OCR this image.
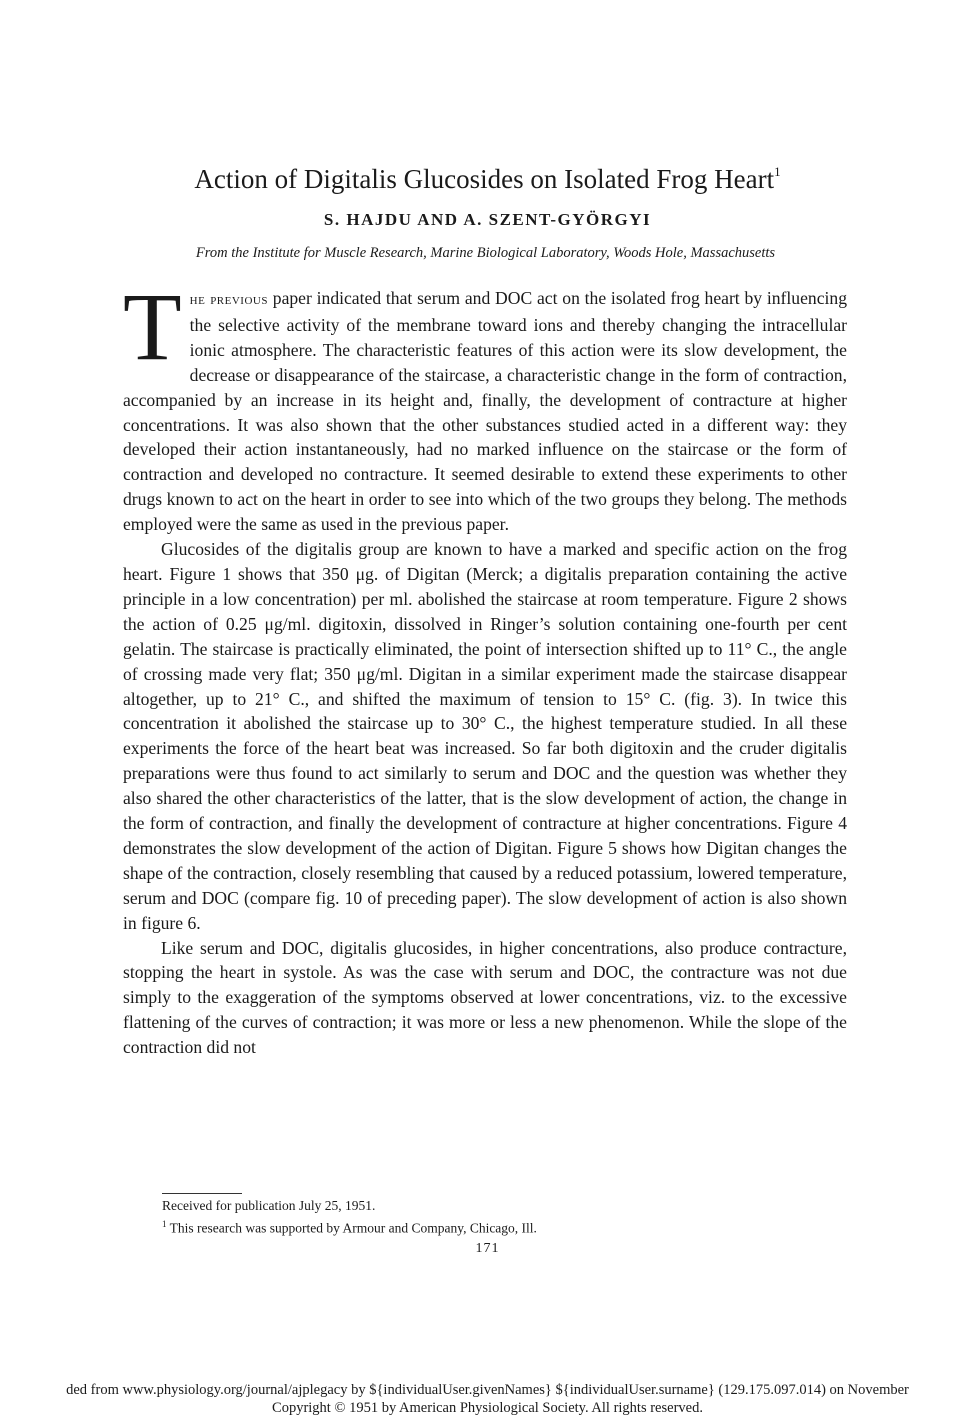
Action of Digitalis Glucosides on Isolated Frog Heart$^1$
S. HAJDU AND A. SZENT-GYÖRGYI
From the Institute for Muscle Research, Marine Biological Laboratory, Woods Hole, Massachusetts

The previous paper indicated that serum and DOC act on the isolated frog heart by influencing the selective activity of the membrane toward ions and thereby changing the intracellular ionic atmosphere. The characteristic features of this action were its slow development, the decrease or disappearance of the staircase, a characteristic change in the form of contraction, accompanied by an increase in its height and, finally, the development of contracture at higher concentrations. It was also shown that the other substances studied acted in a different way: they developed their action instantaneously, had no marked influence on the staircase or the form of contraction and developed no contracture. It seemed desirable to extend these experiments to other drugs known to act on the heart in order to see into which of the two groups they belong. The methods employed were the same as used in the previous paper.

Glucosides of the digitalis group are known to have a marked and specific action on the frog heart. Figure 1 shows that 350 μg. of Digitan (Merck; a digitalis preparation containing the active principle in a low concentration) per ml. abolished the staircase at room temperature. Figure 2 shows the action of 0.25 μg/ml. digitoxin, dissolved in Ringer’s solution containing one-fourth per cent gelatin. The staircase is practically eliminated, the point of intersection shifted up to 11° C., the angle of crossing made very flat; 350 μg/ml. Digitan in a similar experiment made the staircase disappear altogether, up to 21° C., and shifted the maximum of tension to 15° C. (fig. 3). In twice this concentration it abolished the staircase up to 30° C., the highest temperature studied. In all these experiments the force of the heart beat was increased. So far both digitoxin and the cruder digitalis preparations were thus found to act similarly to serum and DOC and the question was whether they also shared the other characteristics of the latter, that is the slow development of action, the change in the form of contraction, and finally the development of contracture at higher concentrations. Figure 4 demonstrates the slow development of the action of Digitan. Figure 5 shows how Digitan changes the shape of the contraction, closely resembling that caused by a reduced potassium, lowered temperature, serum and DOC (compare fig. 10 of preceding paper). The slow development of action is also shown in figure 6.

Like serum and DOC, digitalis glucosides, in higher concentrations, also produce contracture, stopping the heart in systole. As was the case with serum and DOC, the contracture was not due simply to the exaggeration of the symptoms observed at lower concentrations, viz. to the excessive flattening of the curves of contraction; it was more or less a new phenomenon. While the slope of the contraction did not

Received for publication July 25, 1951.

$^1$ This research was supported by Armour and Company, Chicago, Ill.

171
ded from www.physiology.org/journal/ajplegacy by ${individualUser.givenNames} ${individualUser.surname} (129.175.097.014) on November
Copyright © 1951 by American Physiological Society. All rights reserved.
